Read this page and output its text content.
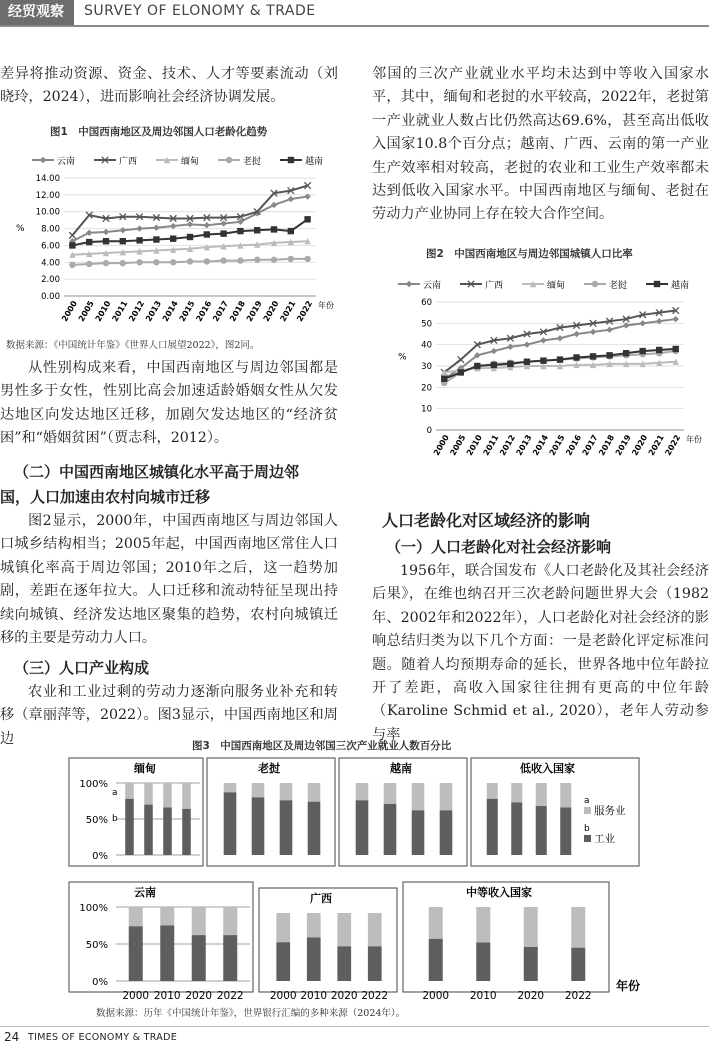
经贸观察	SURVEY OF ELONOMY & TRADE
差异将推动资源、资金、技术、人才等要素流动（刘晓玲，2024），进而影响社会经济协调发展。
图1　中国西南地区及周边邻国人口老龄化趋势
云南	广西	缅甸	老挝	越南
0.00
2.00
4.00
6.00
8.00
10.00
12.00
14.00
%
2000
2005
2010
2011
2012
2013
2014
2015
2016
2017
2018
2019
2020
2021
2022 年份
数据来源：《中国统计年鉴》《世界人口展望2022》，图2同。
从性别构成来看，中国西南地区与周边邻国都是男性多于女性，性别比高会加速适龄婚姻女性从欠发达地区向发达地区迁移，加剧欠发达地区的“经济贫困”和“婚姻贫困”（贾志科，2012）。
（二）中国西南地区城镇化水平高于周边邻
国，人口加速由农村向城市迁移
图2显示，2000年，中国西南地区与周边邻国人口城乡结构相当；2005年起，中国西南地区常住人口城镇化率高于周边邻国；2010年之后，这一趋势加剧，差距在逐年拉大。人口迁移和流动特征呈现出持续向城镇、经济发达地区聚集的趋势，农村向城镇迁移的主要是劳动力人口。
（三）人口产业构成
农业和工业过剩的劳动力逐渐向服务业补充和转移（章丽萍等，2022）。图3显示，中国西南地区和周边
邻国的三次产业就业水平均未达到中等收入国家水平，其中，缅甸和老挝的水平较高，2022年，老挝第一产业就业人数占比仍然高达69.6%，甚至高出低收入国家10.8个百分点；越南、广西、云南的第一产业生产效率相对较高，老挝的农业和工业生产效率都未达到低收入国家水平。中国西南地区与缅甸、老挝在劳动力产业协同上存在较大合作空间。
图2　中国西南地区与周边邻国城镇人口比率
云南	广西	缅甸	老挝	越南
0
10
20
30
40
50
60
%
2000
2005
2010
2011
2012
2013
2014
2015
2016
2017
2018
2019
2020
2021
2022 年份
人口老龄化对区域经济的影响
（一）人口老龄化对社会经济影响
1956年，联合国发布《人口老龄化及其社会经济后果》，在维也纳召开三次老龄问题世界大会（1982年、2002年和2022年），人口老龄化对社会经济的影响总结归类为以下几个方面：一是老龄化评定标准问题。随着人均预期寿命的延长，世界各地中位年龄拉开了差距，高收入国家往往拥有更高的中位年龄（Karoline Schmid et al., 2020），老年人劳动参与率
图3　中国西南地区及周边邻国三次产业就业人数百分比
缅甸
0%
50%
100%
a
b
老挝	越南	低收入国家
a
服务业
b
工业
云南
0%
50%
100%
2000 2010 2020 2022
广西
2000 2010 2020 2022
中等收入国家
2000 2010 2020 2022
年份
数据来源：历年《中国统计年鉴》，世界银行汇编的多种来源（2024年）。
24 TIMES OF ECONOMY & TRADE
